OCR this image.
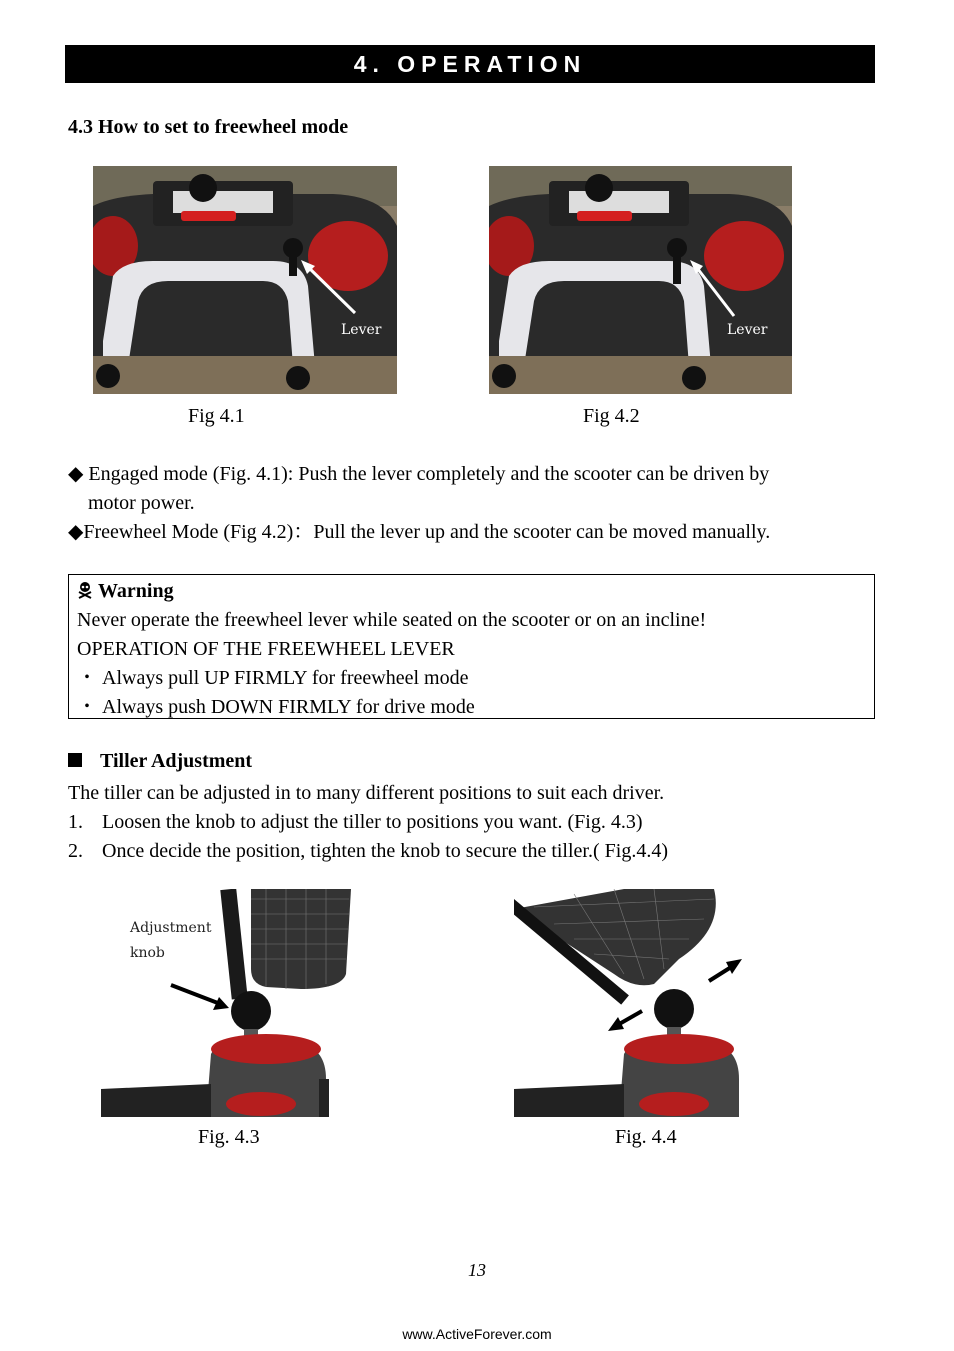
4. OPERATION
4.3 How to set to freewheel mode
Lever
Fig 4.1
Lever
Fig 4.2
◆ Engaged mode (Fig. 4.1): Push the lever completely and the scooter can be driven by
motor power.
◆Freewheel Mode (Fig 4.2)：Pull the lever up and the scooter can be moved manually.
Warning
Never operate the freewheel lever while seated on the scooter or on an incline!
OPERATION OF THE FREEWHEEL LEVER
・ Always pull UP FIRMLY for freewheel mode
・ Always push DOWN FIRMLY for drive mode
Tiller Adjustment
The tiller can be adjusted in to many different positions to suit each driver.
1. Loosen the knob to adjust the tiller to positions you want. (Fig. 4.3)
2. Once decide the position, tighten the knob to secure the tiller.( Fig.4.4)
Adjustment
knob
Fig. 4.3	Fig. 4.4
13
www.ActiveForever.com
